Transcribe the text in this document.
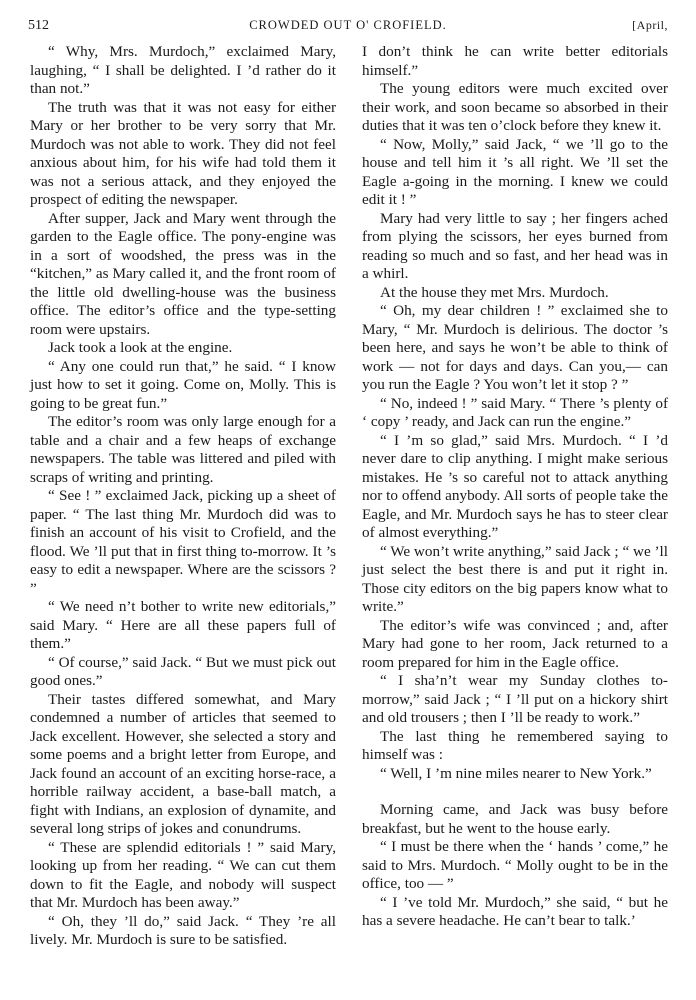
512	CROWDED OUT O' CROFIELD.	[April,

“ Why, Mrs. Murdoch,” exclaimed Mary, laughing, “ I shall be delighted. I ’d rather do it than not.”

The truth was that it was not easy for either Mary or her brother to be very sorry that Mr. Murdoch was not able to work. They did not feel anxious about him, for his wife had told them it was not a serious attack, and they enjoyed the prospect of editing the newspaper.

After supper, Jack and Mary went through the garden to the Eagle office. The pony-engine was in a sort of woodshed, the press was in the “kitchen,” as Mary called it, and the front room of the little old dwelling-house was the business office. The editor’s office and the type-setting room were upstairs.

Jack took a look at the engine.

“ Any one could run that,” he said. “ I know just how to set it going. Come on, Molly. This is going to be great fun.”

The editor’s room was only large enough for a table and a chair and a few heaps of exchange newspapers. The table was littered and piled with scraps of writing and printing.

“ See ! ” exclaimed Jack, picking up a sheet of paper. “ The last thing Mr. Murdoch did was to finish an account of his visit to Crofield, and the flood. We ’ll put that in first thing to-morrow. It ’s easy to edit a newspaper. Where are the scissors ? ”

“ We need n’t bother to write new editorials,” said Mary. “ Here are all these papers full of them.”

“ Of course,” said Jack. “ But we must pick out good ones.”

Their tastes differed somewhat, and Mary condemned a number of articles that seemed to Jack excellent. However, she selected a story and some poems and a bright letter from Europe, and Jack found an account of an exciting horse-race, a horrible railway accident, a base-ball match, a fight with Indians, an explosion of dynamite, and several long strips of jokes and conundrums.

“ These are splendid editorials ! ” said Mary, looking up from her reading. “ We can cut them down to fit the Eagle, and nobody will suspect that Mr. Murdoch has been away.”

“ Oh, they ’ll do,” said Jack. “ They ’re all lively. Mr. Murdoch is sure to be satisfied.

I don’t think he can write better editorials himself.”

The young editors were much excited over their work, and soon became so absorbed in their duties that it was ten o’clock before they knew it.

“ Now, Molly,” said Jack, “ we ’ll go to the house and tell him it ’s all right. We ’ll set the Eagle a-going in the morning. I knew we could edit it ! ”

Mary had very little to say ; her fingers ached from plying the scissors, her eyes burned from reading so much and so fast, and her head was in a whirl.

At the house they met Mrs. Murdoch.

“ Oh, my dear children ! ” exclaimed she to Mary, “ Mr. Murdoch is delirious. The doctor ’s been here, and says he won’t be able to think of work — not for days and days. Can you,— can you run the Eagle ? You won’t let it stop ? ”

“ No, indeed ! ” said Mary. “ There ’s plenty of ‘ copy ’ ready, and Jack can run the engine.”

“ I ’m so glad,” said Mrs. Murdoch. “ I ’d never dare to clip anything. I might make serious mistakes. He ’s so careful not to attack anything nor to offend anybody. All sorts of people take the Eagle, and Mr. Murdoch says he has to steer clear of almost everything.”

“ We won’t write anything,” said Jack ; “ we ’ll just select the best there is and put it right in. Those city editors on the big papers know what to write.”

The editor’s wife was convinced ; and, after Mary had gone to her room, Jack returned to a room prepared for him in the Eagle office.

“ I sha’n’t wear my Sunday clothes to-morrow,” said Jack ; “ I ’ll put on a hickory shirt and old trousers ; then I ’ll be ready to work.”

The last thing he remembered saying to himself was :

“ Well, I ’m nine miles nearer to New York.”

Morning came, and Jack was busy before breakfast, but he went to the house early.

“ I must be there when the ‘ hands ’ come,” he said to Mrs. Murdoch. “ Molly ought to be in the office, too — ”

“ I ’ve told Mr. Murdoch,” she said, “ but he has a severe headache. He can’t bear to talk.’
